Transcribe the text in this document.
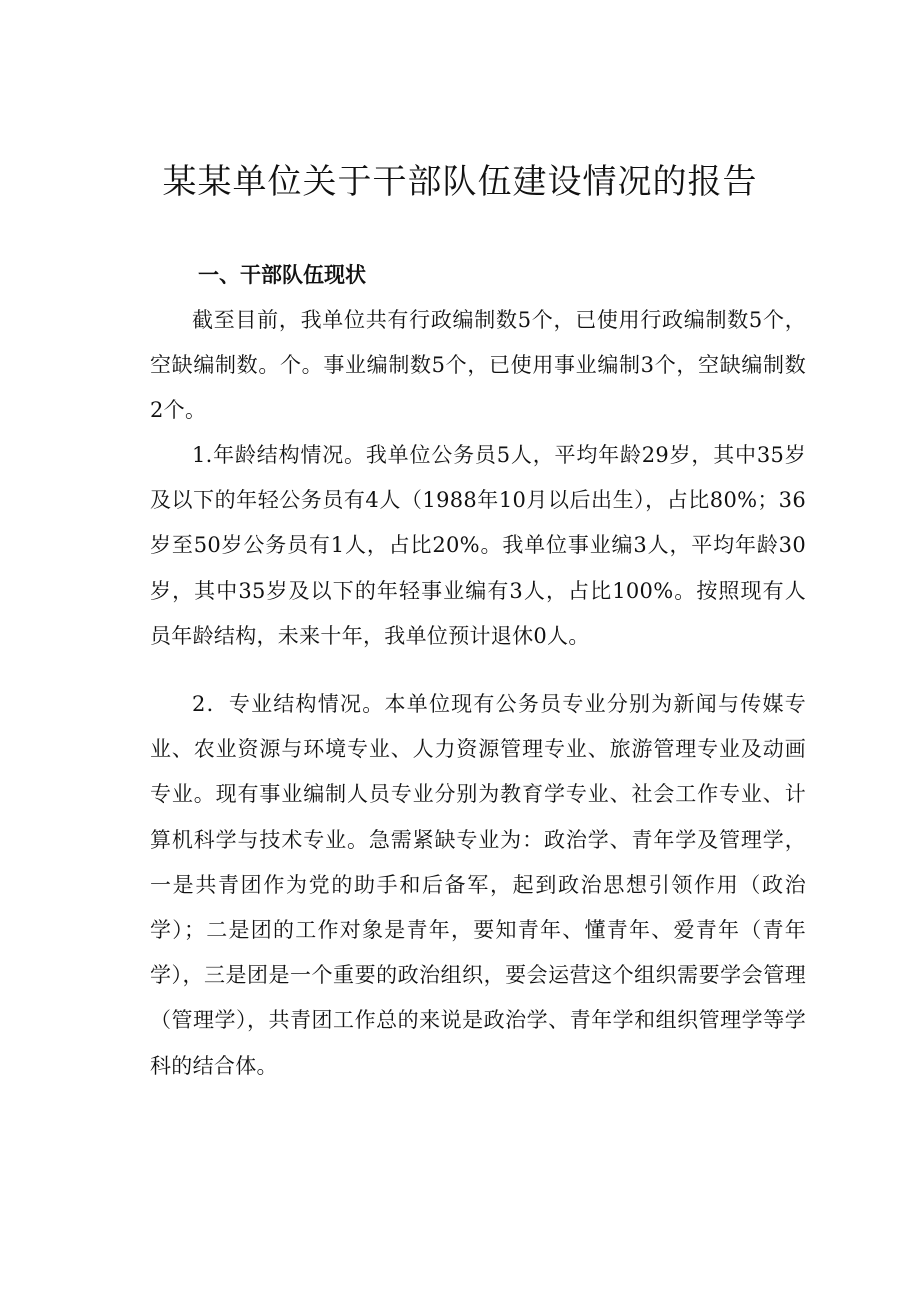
某某单位关于干部队伍建设情况的报告
一、干部队伍现状

截至目前，我单位共有行政编制数5个，已使用行政编制数5个，空缺编制数。个。事业编制数5个，已使用事业编制3个，空缺编制数2个。

1.年龄结构情况。我单位公务员5人，平均年龄29岁，其中35岁及以下的年轻公务员有4人（1988年10月以后出生），占比80%；36岁至50岁公务员有1人，占比20%。我单位事业编3人，平均年龄30岁，其中35岁及以下的年轻事业编有3人，占比100%。按照现有人员年龄结构，未来十年，我单位预计退休0人。

2．专业结构情况。本单位现有公务员专业分别为新闻与传媒专业、农业资源与环境专业、人力资源管理专业、旅游管理专业及动画专业。现有事业编制人员专业分别为教育学专业、社会工作专业、计算机科学与技术专业。急需紧缺专业为：政治学、青年学及管理学，一是共青团作为党的助手和后备军，起到政治思想引领作用（政治学）；二是团的工作对象是青年，要知青年、懂青年、爱青年（青年学），三是团是一个重要的政治组织，要会运营这个组织需要学会管理（管理学），共青团工作总的来说是政治学、青年学和组织管理学等学科的结合体。
